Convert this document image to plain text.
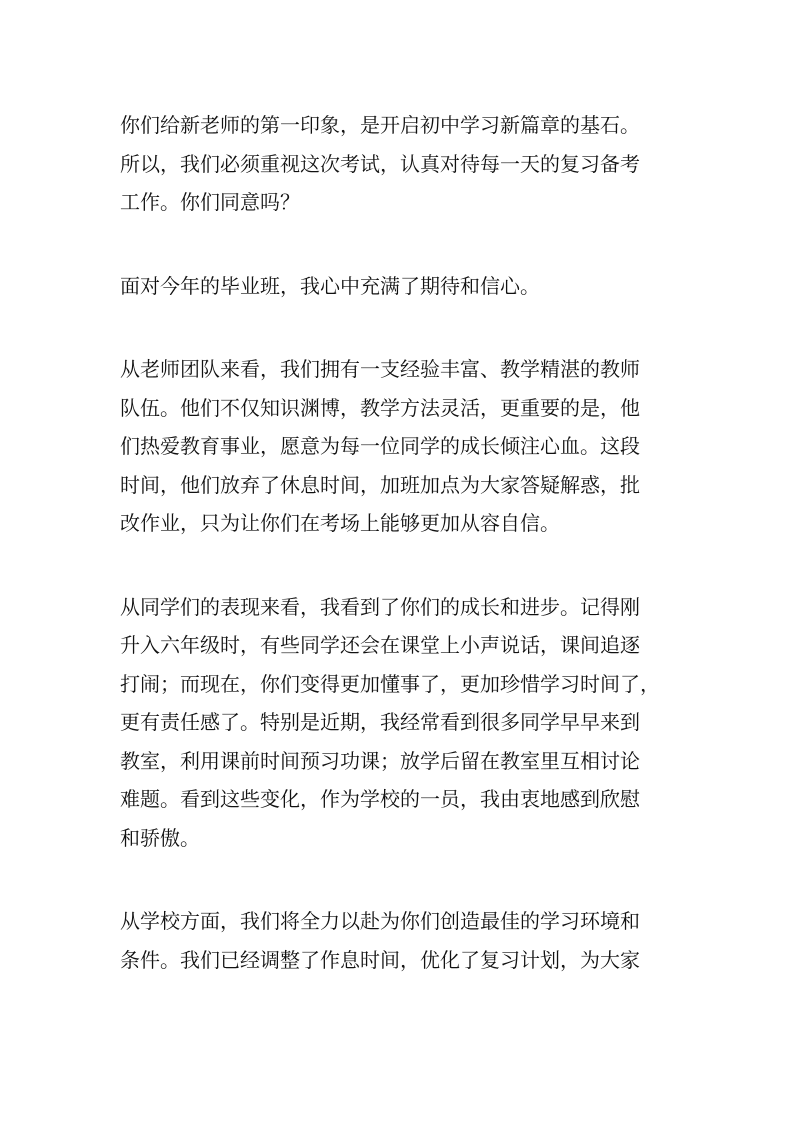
你们给新老师的第一印象，是开启初中学习新篇章的基石。
所以，我们必须重视这次考试，认真对待每一天的复习备考
工作。你们同意吗？

面对今年的毕业班，我心中充满了期待和信心。

从老师团队来看，我们拥有一支经验丰富、教学精湛的教师
队伍。他们不仅知识渊博，教学方法灵活，更重要的是，他
们热爱教育事业，愿意为每一位同学的成长倾注心血。这段
时间，他们放弃了休息时间，加班加点为大家答疑解惑，批
改作业，只为让你们在考场上能够更加从容自信。

从同学们的表现来看，我看到了你们的成长和进步。记得刚
升入六年级时，有些同学还会在课堂上小声说话，课间追逐
打闹；而现在，你们变得更加懂事了，更加珍惜学习时间了，
更有责任感了。特别是近期，我经常看到很多同学早早来到
教室，利用课前时间预习功课；放学后留在教室里互相讨论
难题。看到这些变化，作为学校的一员，我由衷地感到欣慰
和骄傲。

从学校方面，我们将全力以赴为你们创造最佳的学习环境和
条件。我们已经调整了作息时间，优化了复习计划，为大家
